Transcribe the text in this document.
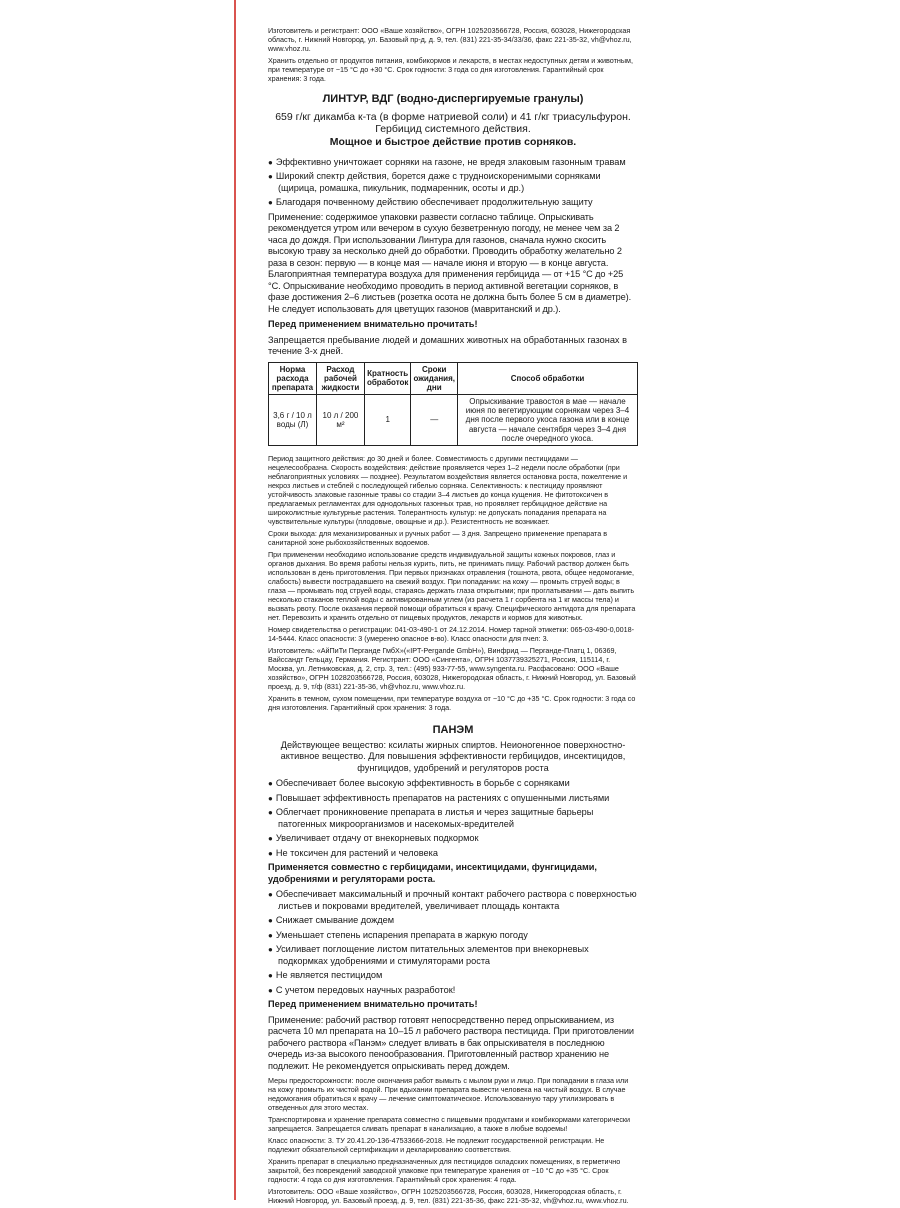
Изготовитель и регистрант: ООО «Ваше хозяйство», ОГРН 1025203566728, Россия, 603028, Нижегородская область, г. Нижний Новгород, ул. Базовый пр-д, д. 9, тел. (831) 221-35-34/33/36, факс 221-35-32, vh@vhoz.ru, www.vhoz.ru.

Хранить отдельно от продуктов питания, комбикормов и лекарств, в местах недоступных детям и животным, при температуре от −15 °С до +30 °С. Срок годности: 3 года со дня изготовления. Гарантийный срок хранения: 3 года.

ЛИНТУР, ВДГ (водно-диспергируемые гранулы)
659 г/кг дикамба к-та (в форме натриевой соли) и 41 г/кг триасульфурон. Гербицид системного действия.
Мощное и быстрое действие против сорняков.

● Эффективно уничтожает сорняки на газоне, не вредя злаковым газонным травам

● Широкий спектр действия, борется даже с трудноискоренимыми сорняками (щирица, ромашка, пикульник, подмаренник, осоты и др.)

● Благодаря почвенному действию обеспечивает продолжительную защиту

Применение: содержимое упаковки развести согласно таблице. Опрыскивать рекомендуется утром или вечером в сухую безветренную погоду, не менее чем за 2 часа до дождя. При использовании Линтура для газонов, сначала нужно скосить высокую траву за несколько дней до обработки. Проводить обработку желательно 2 раза в сезон: первую — в конце мая — начале июня и вторую — в конце августа. Благоприятная температура воздуха для применения гербицида — от +15 °С до +25 °С. Опрыскивание необходимо проводить в период активной вегетации сорняков, в фазе достижения 2–6 листьев (розетка осота не должна быть более 5 см в диаметре). Не следует использовать для цветущих газонов (мавританский и др.).

Перед применением внимательно прочитать!

Запрещается пребывание людей и домашних животных на обработанных газонах в течение 3-х дней.

Норма расхода препарата	Расход рабочей жидкости	Кратность обработок	Сроки ожидания, дни	Способ обработки
3,6 г / 10 л воды (Л)	10 л / 200 м²	1	—	Опрыскивание травостоя в мае — начале июня по вегетирующим сорнякам через 3–4 дня после первого укоса газона или в конце августа — начале сентября через 3–4 дня после очередного укоса.

Период защитного действия: до 30 дней и более. Совместимость с другими пестицидами — нецелесообразна. Скорость воздействия: действие проявляется через 1–2 недели после обработки (при неблагоприятных условиях — позднее). Результатом воздействия является остановка роста, пожелтение и некроз листьев и стеблей с последующей гибелью сорняка. Селективность: к пестициду проявляют устойчивость злаковые газонные травы со стадии 3–4 листьев до конца кущения. Не фитотоксичен в предлагаемых регламентах для однодольных газонных трав, но проявляет гербицидное действие на широколистные культурные растения. Толерантность культур: не допускать попадания препарата на чувствительные культуры (плодовые, овощные и др.). Резистентность не возникает.

Сроки выхода: для механизированных и ручных работ — 3 дня. Запрещено применение препарата в санитарной зоне рыбохозяйственных водоемов.

При применении необходимо использование средств индивидуальной защиты кожных покровов, глаз и органов дыхания. Во время работы нельзя курить, пить, не принимать пищу. Рабочий раствор должен быть использован в день приготовления. При первых признаках отравления (тошнота, рвота, общее недомогание, слабость) вывести пострадавшего на свежий воздух. При попадании: на кожу — промыть струей воды; в глаза — промывать под струей воды, стараясь держать глаза открытыми; при проглатывании — дать выпить несколько стаканов теплой воды с активированным углем (из расчета 1 г сорбента на 1 кг массы тела) и вызвать рвоту. После оказания первой помощи обратиться к врачу. Специфического антидота для препарата нет. Перевозить и хранить отдельно от пищевых продуктов, лекарств и кормов для животных.

Номер свидетельства о регистрации: 041-03-490-1 от 24.12.2014. Номер тарной этикетки: 065-03-490-0,0018-14-5444. Класс опасности: 3 (умеренно опасное в-во). Класс опасности для пчел: 3.

Изготовитель: «АйПиТи Перганде ГмбХ»(«IPT-Pergande GmbH»), Винфрид — Перганде-Платц 1, 06369, Вайссандт Гельцау, Германия. Регистрант: ООО «Сингента», ОГРН 1037739325271, Россия, 115114, г. Москва, ул. Летниковская, д. 2, стр. 3, тел.: (495) 933-77-55, www.syngenta.ru. Расфасовано: ООО «Ваше хозяйство», ОГРН 1028203566728, Россия, 603028, Нижегородская область, г. Нижний Новгород, ул. Базовый проезд, д. 9, т/ф (831) 221-35-36, vh@vhoz.ru, www.vhoz.ru.

Хранить в темном, сухом помещении, при температуре воздуха от −10 °С до +35 °С. Срок годности: 3 года со дня изготовления. Гарантийный срок хранения: 3 года.

ПАНЭМ

Действующее вещество: ксилаты жирных спиртов. Неионогенное поверхностно-активное вещество. Для повышения эффективности гербицидов, инсектицидов, фунгицидов, удобрений и регуляторов роста

● Обеспечивает более высокую эффективность в борьбе с сорняками

● Повышает эффективность препаратов на растениях с опушенными листьями

● Облегчает проникновение препарата в листья и через защитные барьеры патогенных микроорганизмов и насекомых-вредителей

● Увеличивает отдачу от внекорневых подкормок

● Не токсичен для растений и человека

Применяется совместно с гербицидами, инсектицидами, фунгицидами, удобрениями и регуляторами роста.

● Обеспечивает максимальный и прочный контакт рабочего раствора с поверхностью листьев и покровами вредителей, увеличивает площадь контакта

● Снижает смывание дождем

● Уменьшает степень испарения препарата в жаркую погоду

● Усиливает поглощение листом питательных элементов при внекорневых подкормках удобрениями и стимуляторами роста

● Не является пестицидом

● С учетом передовых научных разработок!

Перед применением внимательно прочитать!

Применение: рабочий раствор готовят непосредственно перед опрыскиванием, из расчета 10 мл препарата на 10–15 л рабочего раствора пестицида. При приготовлении рабочего раствора «Панэм» следует вливать в бак опрыскивателя в последнюю очередь из-за высокого пенообразования. Приготовленный раствор хранению не подлежит. Не рекомендуется опрыскивать перед дождем.

Меры предосторожности: после окончания работ вымыть с мылом руки и лицо. При попадании в глаза или на кожу промыть их чистой водой. При вдыхании препарата вывести человека на чистый воздух. В случае недомогания обратиться к врачу — лечение симптоматическое. Использованную тару утилизировать в отведенных для этого местах.

Транспортировка и хранение препарата совместно с пищевыми продуктами и комбикормами категорически запрещается. Запрещается сливать препарат в канализацию, а также в любые водоемы!

Класс опасности: 3. ТУ 20.41.20-136-47533666-2018. Не подлежит государственной регистрации. Не подлежит обязательной сертификации и декларированию соответствия.

Хранить препарат в специально предназначенных для пестицидов складских помещениях, в герметично закрытой, без повреждений заводской упаковке при температуре хранения от −10 °С до +35 °С. Срок годности: 4 года со дня изготовления. Гарантийный срок хранения: 4 года.

Изготовитель: ООО «Ваше хозяйство», ОГРН 1025203566728, Россия, 603028, Нижегородская область, г. Нижний Новгород, ул. Базовый проезд, д. 9, тел. (831) 221-35-36, факс 221-35-32, vh@vhoz.ru, www.vhoz.ru.
